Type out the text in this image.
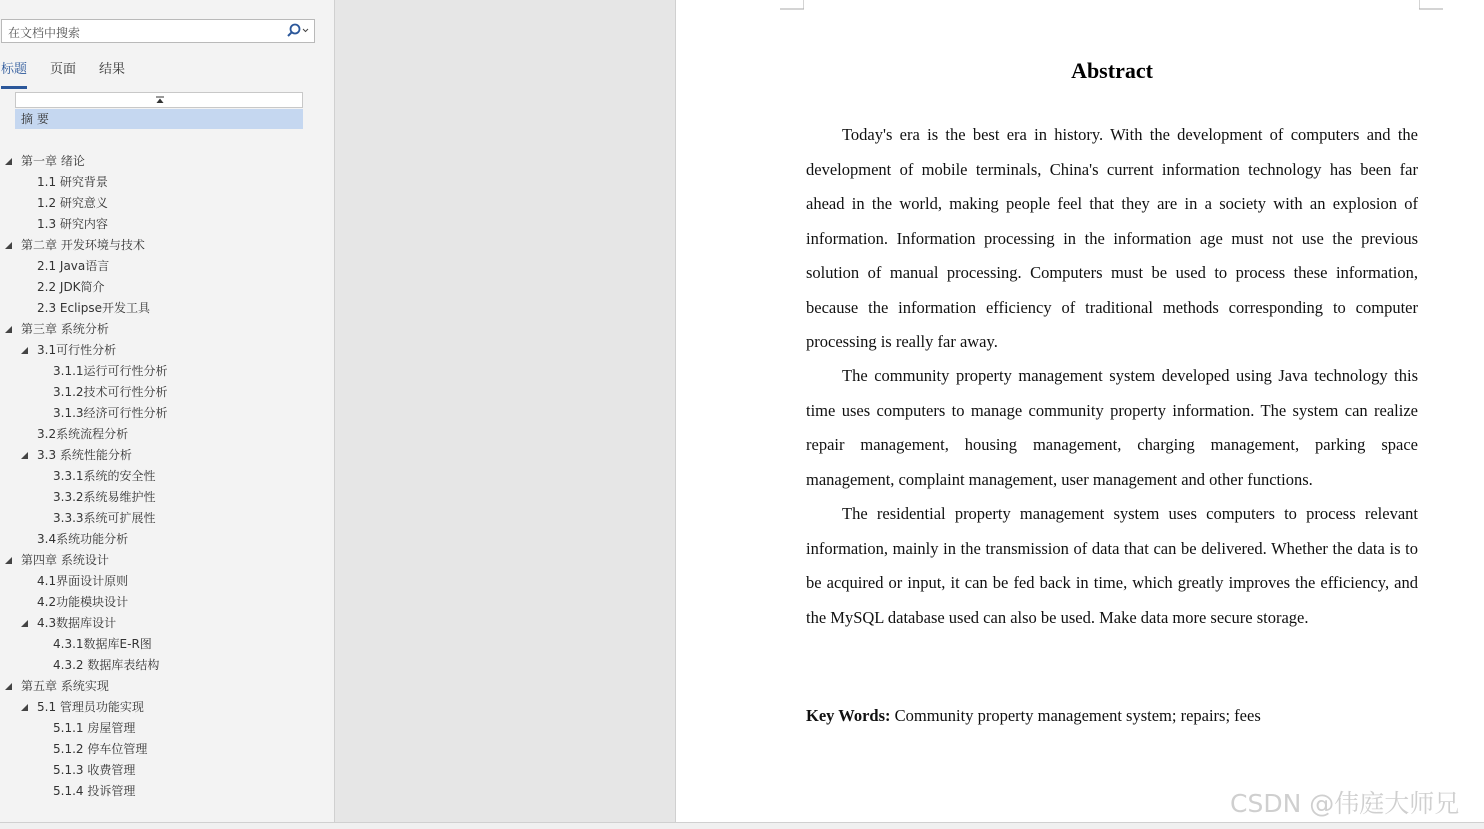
在文档中搜索
标题 页面 结果
摘 要
第一章 绪论
1.1 研究背景
1.2 研究意义
1.3 研究内容
第二章 开发环境与技术
2.1 Java语言
2.2 JDK简介
2.3 Eclipse开发工具
第三章 系统分析
3.1可行性分析
3.1.1运行可行性分析
3.1.2技术可行性分析
3.1.3经济可行性分析
3.2系统流程分析
3.3 系统性能分析
3.3.1系统的安全性
3.3.2系统易维护性
3.3.3系统可扩展性
3.4系统功能分析
第四章 系统设计
4.1界面设计原则
4.2功能模块设计
4.3数据库设计
4.3.1数据库E-R图
4.3.2 数据库表结构
第五章 系统实现
5.1 管理员功能实现
5.1.1 房屋管理
5.1.2 停车位管理
5.1.3 收费管理
5.1.4 投诉管理
Abstract
Today's era is the best era in history. With the development of computers and the development of mobile terminals, China's current information technology has been far ahead in the world, making people feel that they are in a society with an explosion of information. Information processing in the information age must not use the previous solution of manual processing. Computers must be used to process these information, because the information efficiency of traditional methods corresponding to computer processing is really far away.
The community property management system developed using Java technology this time uses computers to manage community property information. The system can realize repair management, housing management, charging management, parking space management, complaint management, user management and other functions.
The residential property management system uses computers to process relevant information, mainly in the transmission of data that can be delivered. Whether the data is to be acquired or input, it can be fed back in time, which greatly improves the efficiency, and the MySQL database used can also be used. Make data more secure storage.
Key Words: Community property management system; repairs; fees
CSDN @伟庭大师兄
